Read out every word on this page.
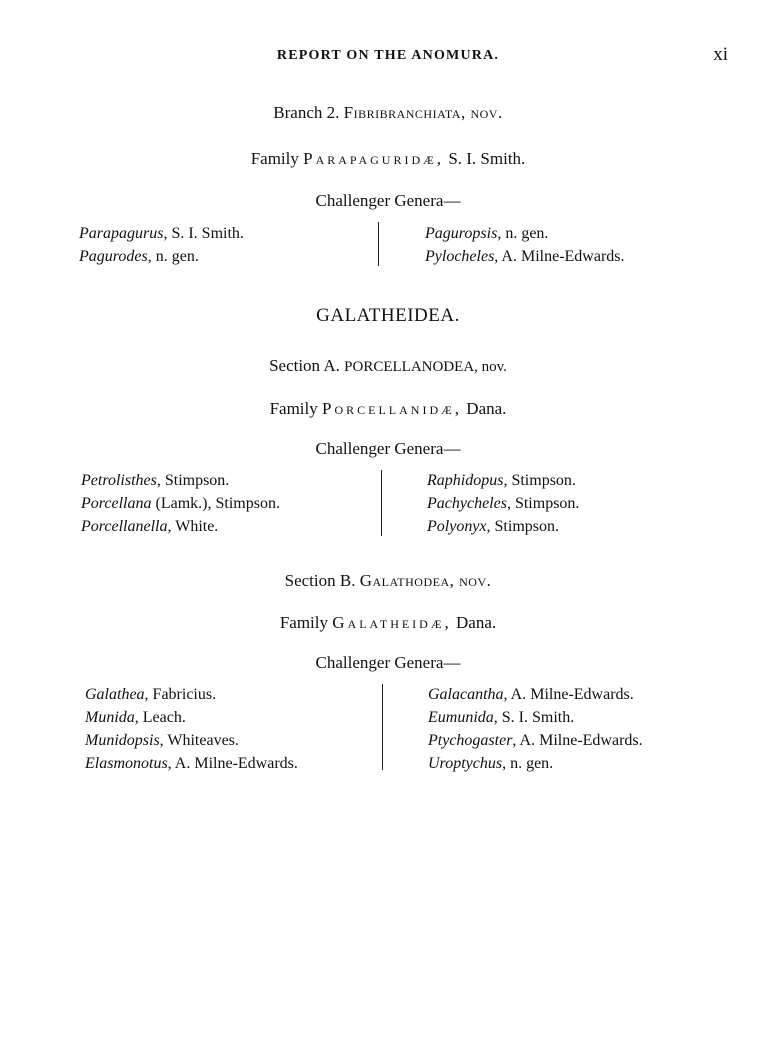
REPORT ON THE ANOMURA.	xi
Branch 2. Fibribranchiata, nov.
Family Parapaguridæ, S. I. Smith.
Challenger Genera—
Parapagurus, S. I. Smith.
Pagurodes, n. gen.
Paguropsis, n. gen.
Pylocheles, A. Milne-Edwards.
GALATHEIDEA.
Section A. PORCELLANODEA, nov.
Family Porcellanidæ, Dana.
Challenger Genera—
Petrolisthes, Stimpson.
Porcellana (Lamk.), Stimpson.
Porcellanella, White.
Raphidopus, Stimpson.
Pachycheles, Stimpson.
Polyonyx, Stimpson.
Section B. Galathodea, nov.
Family Galatheidæ, Dana.
Challenger Genera—
Galathea, Fabricius.
Munida, Leach.
Munidopsis, Whiteaves.
Elasmonotus, A. Milne-Edwards.
Galacantha, A. Milne-Edwards.
Eumunida, S. I. Smith.
Ptychogaster, A. Milne-Edwards.
Uroptychus, n. gen.
